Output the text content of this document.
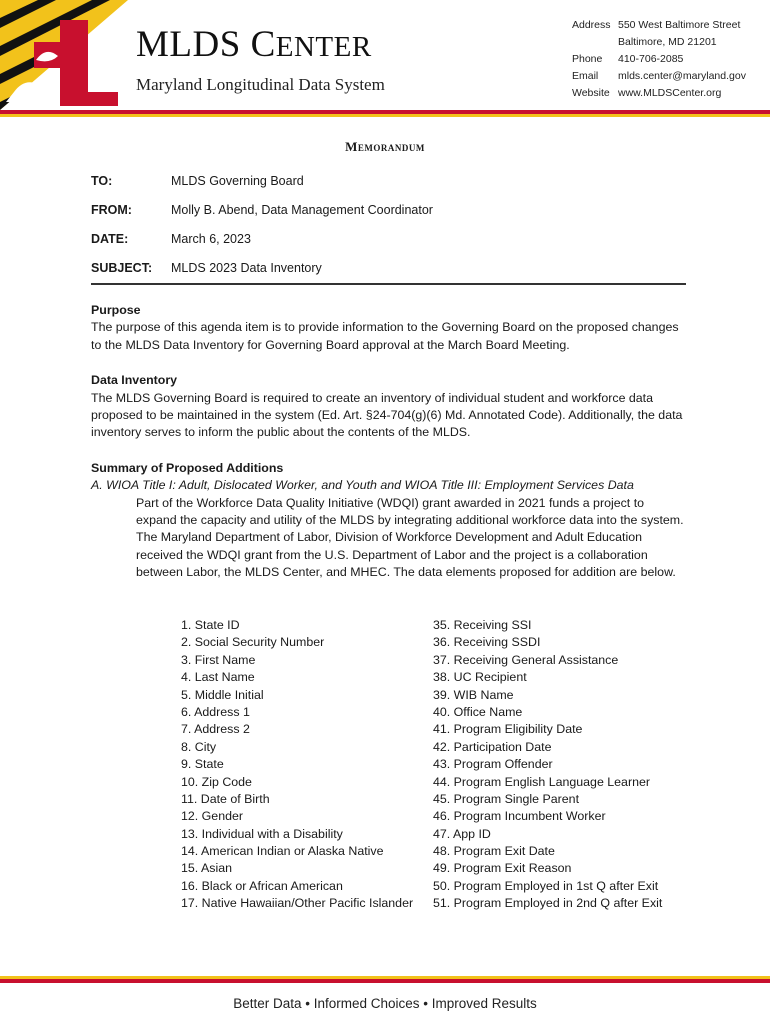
MLDS CENTER
Maryland Longitudinal Data System
Address 550 West Baltimore Street
Baltimore, MD 21201
Phone	410-706-2085
Email	mlds.center@maryland.gov
Website www.MLDSCenter.org
Memorandum
TO:	MLDS Governing Board
FROM:	Molly B. Abend, Data Management Coordinator
DATE:	March 6, 2023
SUBJECT:	MLDS 2023 Data Inventory
Purpose

The purpose of this agenda item is to provide information to the Governing Board on the proposed changes to the MLDS Data Inventory for Governing Board approval at the March Board Meeting.

Data Inventory

The MLDS Governing Board is required to create an inventory of individual student and workforce data proposed to be maintained in the system (Ed. Art. §24-704(g)(6) Md. Annotated Code). Additionally, the data inventory serves to inform the public about the contents of the MLDS.

Summary of Proposed Additions
A. WIOA Title I: Adult, Dislocated Worker, and Youth and WIOA Title III: Employment Services Data

Part of the Workforce Data Quality Initiative (WDQI) grant awarded in 2021 funds a project to expand the capacity and utility of the MLDS by integrating additional workforce data into the system. The Maryland Department of Labor, Division of Workforce Development and Adult Education received the WDQI grant from the U.S. Department of Labor and the project is a collaboration between Labor, the MLDS Center, and MHEC. The data elements proposed for addition are below.

1. State ID
2. Social Security Number
3. First Name
4. Last Name
5. Middle Initial
6. Address 1
7. Address 2
8. City
9. State
10. Zip Code
11. Date of Birth
12. Gender
13. Individual with a Disability
14. American Indian or Alaska Native
15. Asian
16. Black or African American
17. Native Hawaiian/Other Pacific Islander
35. Receiving SSI
36. Receiving SSDI
37. Receiving General Assistance
38. UC Recipient
39. WIB Name
40. Office Name
41. Program Eligibility Date
42. Participation Date
43. Program Offender
44. Program English Language Learner
45. Program Single Parent
46. Program Incumbent Worker
47. App ID
48. Program Exit Date
49. Program Exit Reason
50. Program Employed in 1st Q after Exit
51. Program Employed in 2nd Q after Exit
Better Data • Informed Choices • Improved Results
